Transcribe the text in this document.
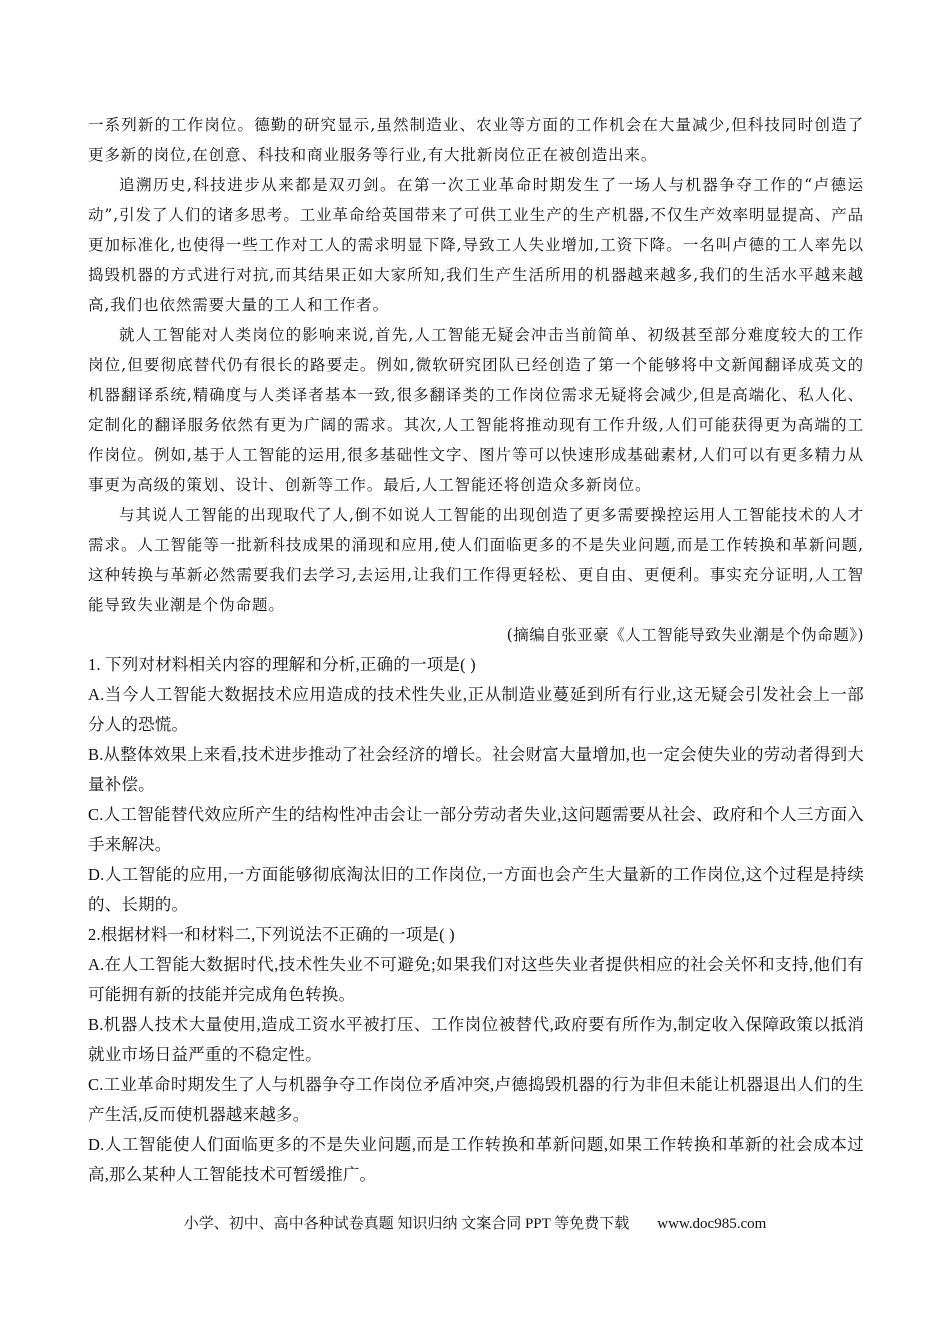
一系列新的工作岗位。德勤的研究显示,虽然制造业、农业等方面的工作机会在大量减少,但科技同时创造了更多新的岗位,在创意、科技和商业服务等行业,有大批新岗位正在被创造出来。

追溯历史,科技进步从来都是双刃剑。在第一次工业革命时期发生了一场人与机器争夺工作的“卢德运动”,引发了人们的诸多思考。工业革命给英国带来了可供工业生产的生产机器,不仅生产效率明显提高、产品更加标准化,也使得一些工作对工人的需求明显下降,导致工人失业增加,工资下降。一名叫卢德的工人率先以捣毁机器的方式进行对抗,而其结果正如大家所知,我们生产生活所用的机器越来越多,我们的生活水平越来越高,我们也依然需要大量的工人和工作者。

就人工智能对人类岗位的影响来说,首先,人工智能无疑会冲击当前简单、初级甚至部分难度较大的工作岗位,但要彻底替代仍有很长的路要走。例如,微软研究团队已经创造了第一个能够将中文新闻翻译成英文的机器翻译系统,精确度与人类译者基本一致,很多翻译类的工作岗位需求无疑将会减少,但是高端化、私人化、定制化的翻译服务依然有更为广阔的需求。其次,人工智能将推动现有工作升级,人们可能获得更为高端的工作岗位。例如,基于人工智能的运用,很多基础性文字、图片等可以快速形成基础素材,人们可以有更多精力从事更为高级的策划、设计、创新等工作。最后,人工智能还将创造众多新岗位。

与其说人工智能的出现取代了人,倒不如说人工智能的出现创造了更多需要操控运用人工智能技术的人才需求。人工智能等一批新科技成果的涌现和应用,使人们面临更多的不是失业问题,而是工作转换和革新问题,这种转换与革新必然需要我们去学习,去运用,让我们工作得更轻松、更自由、更便利。事实充分证明,人工智能导致失业潮是个伪命题。

(摘编自张亚豪《人工智能导致失业潮是个伪命题》)

1. 下列对材料相关内容的理解和分析,正确的一项是( )

A.当今人工智能大数据技术应用造成的技术性失业,正从制造业蔓延到所有行业,这无疑会引发社会上一部分人的恐慌。

B.从整体效果上来看,技术进步推动了社会经济的增长。社会财富大量增加,也一定会使失业的劳动者得到大量补偿。

C.人工智能替代效应所产生的结构性冲击会让一部分劳动者失业,这问题需要从社会、政府和个人三方面入手来解决。

D.人工智能的应用,一方面能够彻底淘汰旧的工作岗位,一方面也会产生大量新的工作岗位,这个过程是持续的、长期的。

2.根据材料一和材料二,下列说法不正确的一项是( )

A.在人工智能大数据时代,技术性失业不可避免;如果我们对这些失业者提供相应的社会关怀和支持,他们有可能拥有新的技能并完成角色转换。

B.机器人技术大量使用,造成工资水平被打压、工作岗位被替代,政府要有所作为,制定收入保障政策以抵消就业市场日益严重的不稳定性。

C.工业革命时期发生了人与机器争夺工作岗位矛盾冲突,卢德捣毁机器的行为非但未能让机器退出人们的生产生活,反而使机器越来越多。

D.人工智能使人们面临更多的不是失业问题,而是工作转换和革新问题,如果工作转换和革新的社会成本过高,那么某种人工智能技术可暂缓推广。

小学、初中、高中各种试卷真题 知识归纳 文案合同 PPT 等免费下载 www.doc985.com
